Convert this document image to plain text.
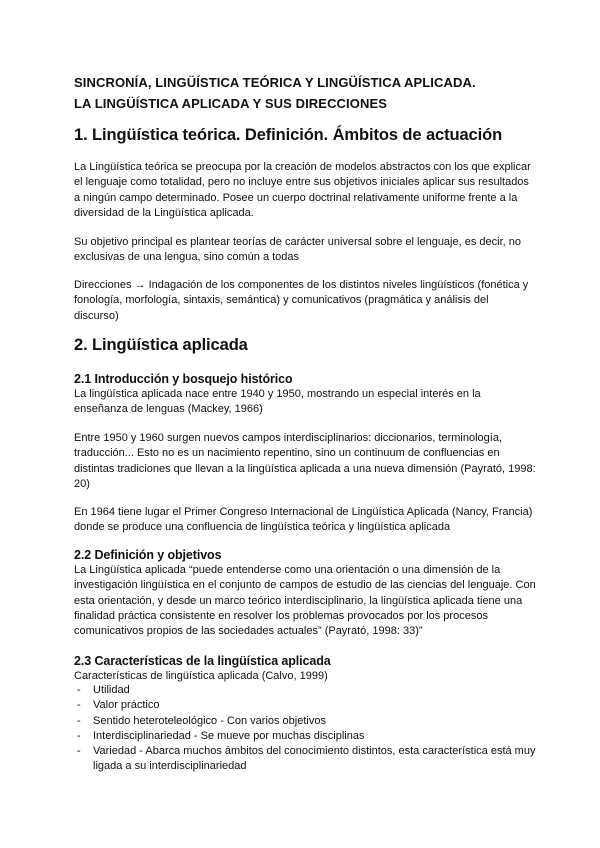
SINCRONÍA, LINGÜÍSTICA TEÓRICA Y LINGÜÍSTICA APLICADA.
LA LINGÜÍSTICA APLICADA Y SUS DIRECCIONES
1. Lingüística teórica. Definición. Ámbitos de actuación
La Lingüística teórica se preocupa por la creación de modelos abstractos con los que explicar el lenguaje como totalidad, pero no incluye entre sus objetivos iniciales aplicar sus resultados a ningún campo determinado. Posee un cuerpo doctrinal relativamente uniforme frente a la diversidad de la Lingüística aplicada.
Su objetivo principal es plantear teorías de carácter universal sobre el lenguaje, es decir, no exclusivas de una lengua, sino común a todas
Direcciones → Indagación de los componentes de los distintos niveles lingüísticos (fonética y fonología, morfología, sintaxis, semántica) y comunicativos (pragmática y análisis del discurso)
2. Lingüística aplicada
2.1 Introducción y bosquejo histórico
La lingüística aplicada nace entre 1940 y 1950, mostrando un especial interés en la enseñanza de lenguas (Mackey, 1966)
Entre 1950 y 1960 surgen nuevos campos interdisciplinarios: diccionarios, terminología, traducción... Esto no es un nacimiento repentino, sino un continuum de confluencias en distintas tradiciones que llevan a la lingüística aplicada a una nueva dimensión (Payrató, 1998: 20)
En 1964 tiene lugar el Primer Congreso Internacional de Lingüística Aplicada (Nancy, Francia) donde se produce una confluencia de lingüística teórica y lingüística aplicada
2.2 Definición y objetivos
La Lingüística aplicada “puede entenderse como una orientación o una dimensión de la investigación lingüística en el conjunto de campos de estudio de las ciencias del lenguaje. Con esta orientación, y desde un marco teórico interdisciplinario, la lingüística aplicada tiene una finalidad práctica consistente en resolver los problemas provocados por los procesos comunicativos propios de las sociedades actuales” (Payrató, 1998: 33)”
2.3 Características de la lingüística aplicada
Características de lingüística aplicada (Calvo, 1999)
- Utilidad
- Valor práctico
- Sentido heteroteleológico - Con varios objetivos
- Interdisciplinariedad - Se mueve por muchas disciplinas
- Variedad - Abarca muchos ámbitos del conocimiento distintos, esta característica está muy ligada a su interdisciplinariedad
